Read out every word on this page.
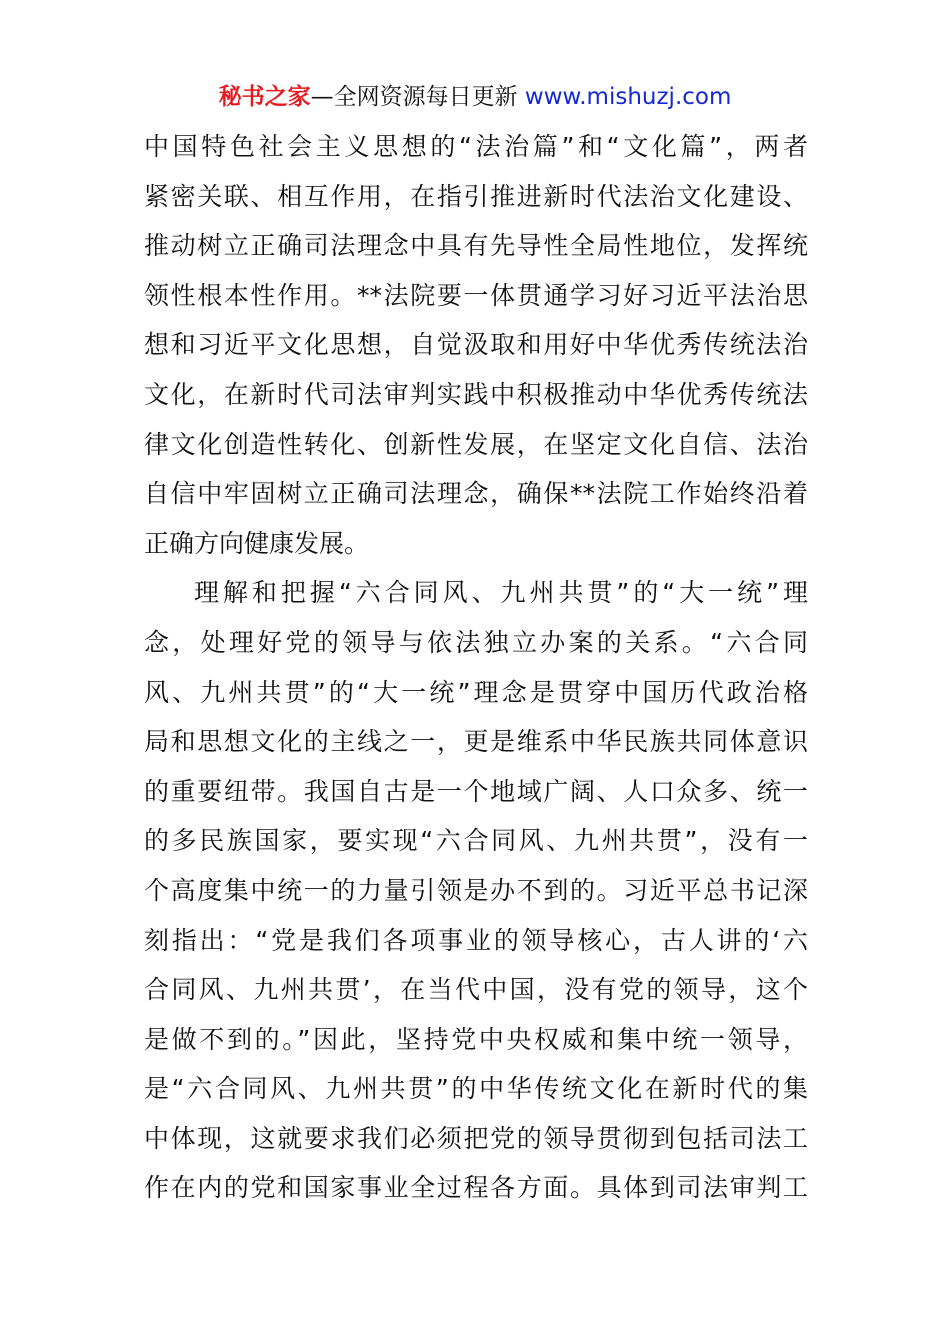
秘书之家—全网资源每日更新 www.mishuzj.com
中国特色社会主义思想的“法治篇”和“文化篇”，两者
紧密关联、相互作用，在指引推进新时代法治文化建设、
推动树立正确司法理念中具有先导性全局性地位，发挥统
领性根本性作用。**法院要一体贯通学习好习近平法治思
想和习近平文化思想，自觉汲取和用好中华优秀传统法治
文化，在新时代司法审判实践中积极推动中华优秀传统法
律文化创造性转化、创新性发展，在坚定文化自信、法治
自信中牢固树立正确司法理念，确保**法院工作始终沿着
正确方向健康发展。
理解和把握“六合同风、九州共贯”的“大一统”理
念，处理好党的领导与依法独立办案的关系。“六合同
风、九州共贯”的“大一统”理念是贯穿中国历代政治格
局和思想文化的主线之一，更是维系中华民族共同体意识
的重要纽带。我国自古是一个地域广阔、人口众多、统一
的多民族国家，要实现“六合同风、九州共贯”，没有一
个高度集中统一的力量引领是办不到的。习近平总书记深
刻指出：“党是我们各项事业的领导核心，古人讲的‘六
合同风、九州共贯’，在当代中国，没有党的领导，这个
是做不到的。”因此，坚持党中央权威和集中统一领导，
是“六合同风、九州共贯”的中华传统文化在新时代的集
中体现，这就要求我们必须把党的领导贯彻到包括司法工
作在内的党和国家事业全过程各方面。具体到司法审判工
